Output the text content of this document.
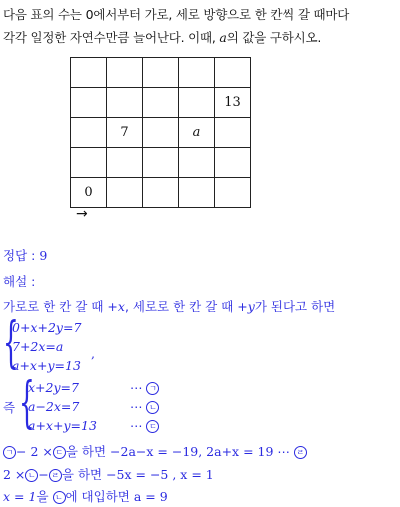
다음 표의 수는 0에서부터 가로, 세로 방향으로 한 칸씩 갈 때마다
각각 일정한 자연수만큼 늘어난다. 이때, a의 값을 구하시오.

				13
	7		a	

0				
→
정답 : 9
해설 :
가로로 한 칸 갈 때 +x, 세로로 한 칸 갈 때 +y가 된다고 하면
{
0+x+2y=7
7+2x=a
a+x+y=13
,
즉 {
x+2y=7
a−2x=7
a+x+y=13
⋯ ㄱ
⋯ ㄴ
⋯ ㄷ
ㄱ − 2 × ㄷ 을 하면 −2a−x = −19, 2a+x = 19 ⋯ ㄹ
2 × ㄴ − ㄹ 을 하면 −5x = −5 , x = 1
x = 1을 ㄴ 에 대입하면 a = 9
